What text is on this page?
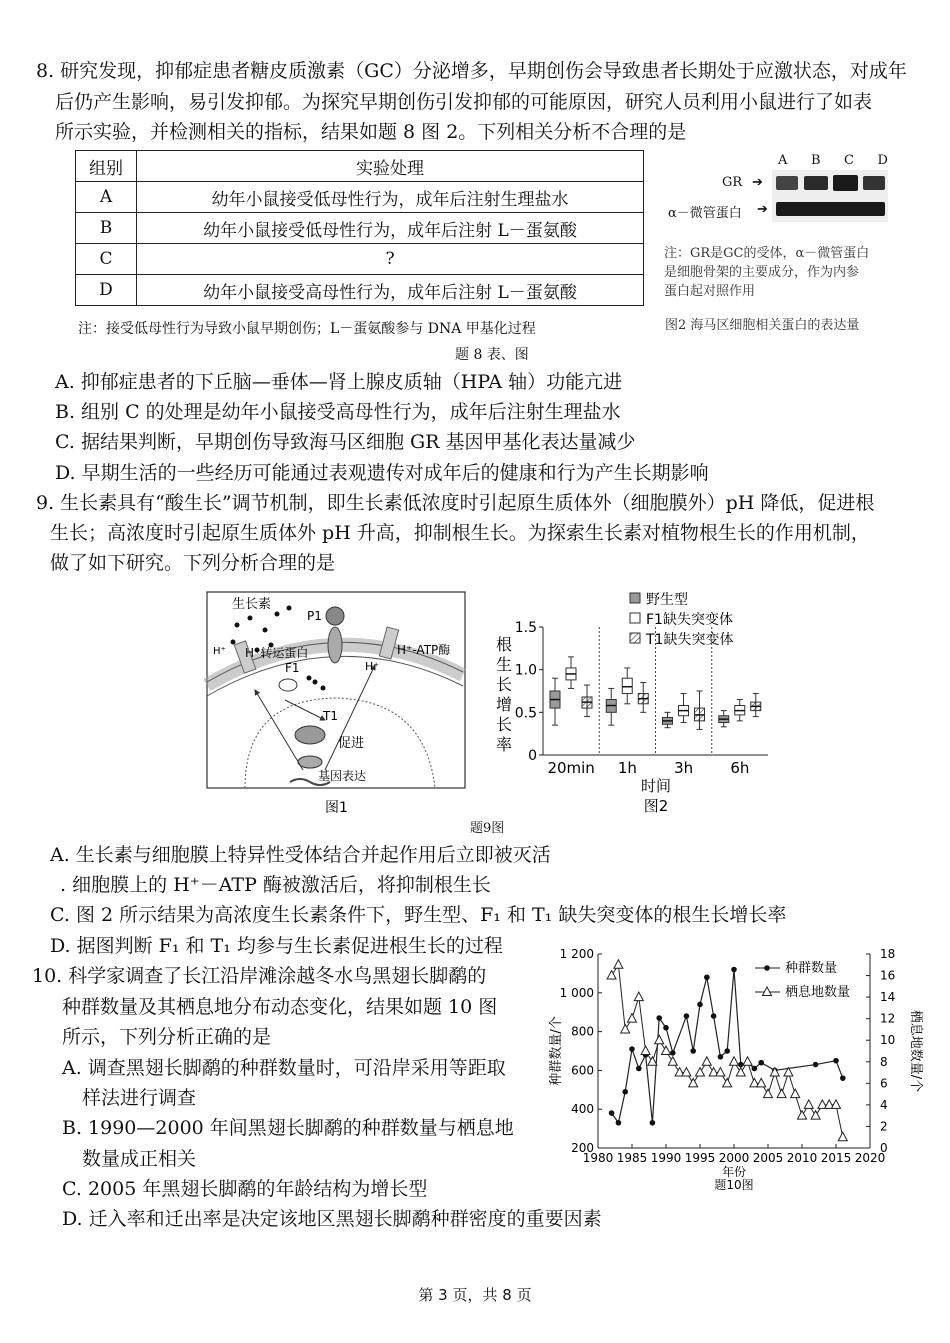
8. 研究发现，抑郁症患者糖皮质激素（GC）分泌增多，早期创伤会导致患者长期处于应激状态，对成年
后仍产生影响，易引发抑郁。为探究早期创伤引发抑郁的可能原因，研究人员利用小鼠进行了如表
所示实验，并检测相关的指标，结果如题 8 图 2。下列相关分析不合理的是
组别	实验处理
A	幼年小鼠接受低母性行为，成年后注射生理盐水
B	幼年小鼠接受低母性行为，成年后注射 L－蛋氨酸
C	?
D	幼年小鼠接受高母性行为，成年后注射 L－蛋氨酸
注：接受低母性行为导致小鼠早期创伤；L－蛋氨酸参与 DNA 甲基化过程
题 8 表、图
A B C D
GR ➔
α－微管蛋白 ➔
注：GR是GC的受体，α－微管蛋白
是细胞骨架的主要成分，作为内参
蛋白起对照作用
图2 海马区细胞相关蛋白的表达量
A. 抑郁症患者的下丘脑—垂体—肾上腺皮质轴（HPA 轴）功能亢进
B. 组别 C 的处理是幼年小鼠接受高母性行为，成年后注射生理盐水
C. 据结果判断，早期创伤导致海马区细胞 GR 基因甲基化表达量减少
D. 早期生活的一些经历可能通过表观遗传对成年后的健康和行为产生长期影响
9. 生长素具有“酸生长”调节机制，即生长素低浓度时引起原生质体外（细胞膜外）pH 降低，促进根
生长；高浓度时引起原生质体外 pH 升高，抑制根生长。为探索生长素对植物根生长的作用机制，
做了如下研究。下列分析合理的是
生长素
P1
H⁺ H⁺转运蛋白	H⁺-ATP酶
F1	H⁺
T1
促进
基因表达
图1
1.5
1.0
0.5
0
根
生
长
增
长
率
20min 1h 3h 6h
时间
图2
野生型
F1缺失突变体
T1缺失突变体
题9图
A. 生长素与细胞膜上特异性受体结合并起作用后立即被灭活
. 细胞膜上的 H⁺－ATP 酶被激活后，将抑制根生长
C. 图 2 所示结果为高浓度生长素条件下，野生型、F₁ 和 T₁ 缺失突变体的根生长增长率
D. 据图判断 F₁ 和 T₁ 均参与生长素促进根生长的过程
10. 科学家调查了长江沿岸滩涂越冬水鸟黑翅长脚鹬的
种群数量及其栖息地分布动态变化，结果如题 10 图
所示，下列分析正确的是
A. 调查黑翅长脚鹬的种群数量时，可沿岸采用等距取
样法进行调查
B. 1990—2000 年间黑翅长脚鹬的种群数量与栖息地
数量成正相关
C. 2005 年黑翅长脚鹬的年龄结构为增长型
D. 迁入率和迁出率是决定该地区黑翅长脚鹬种群密度的重要因素
200
400
600
800
1 000
1 200
0
2
4
6
8
10
12
14
16
18
1980 1985 1990 1995 2000 2005 2010 2015 2020
年份
题10图
种群数量/个	栖息地数量/个
种群数量
栖息地数量
第 3 页，共 8 页
